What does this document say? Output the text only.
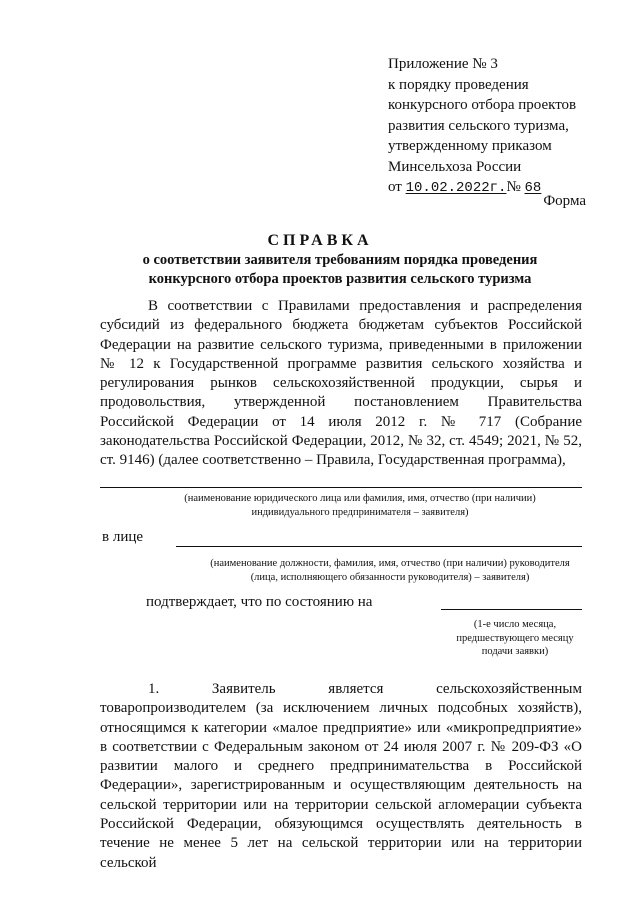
Приложение № 3
к порядку проведения
конкурсного отбора проектов
развития сельского туризма,
утвержденному приказом
Минсельхоза России
от 10.02.2022г.№ 68
Форма
СПРАВКА
о соответствии заявителя требованиям порядка проведения конкурсного отбора проектов развития сельского туризма
В соответствии с Правилами предоставления и распределения субсидий из федерального бюджета бюджетам субъектов Российской Федерации на развитие сельского туризма, приведенными в приложении № 12 к Государственной программе развития сельского хозяйства и регулирования рынков сельскохозяйственной продукции, сырья и продовольствия, утвержденной постановлением Правительства Российской Федерации от 14 июля 2012 г. № 717 (Собрание законодательства Российской Федерации, 2012, № 32, ст. 4549; 2021, № 52, ст. 9146) (далее соответственно – Правила, Государственная программа),
(наименование юридического лица или фамилия, имя, отчество (при наличии) индивидуального предпринимателя – заявителя)
в лице
(наименование должности, фамилия, имя, отчество (при наличии) руководителя (лица, исполняющего обязанности руководителя) – заявителя)
подтверждает, что по состоянию на
(1-е число месяца, предшествующего месяцу подачи заявки)
1. Заявитель является сельскохозяйственным товаропроизводителем (за исключением личных подсобных хозяйств), относящимся к категории «малое предприятие» или «микропредприятие» в соответствии с Федеральным законом от 24 июля 2007 г. № 209-ФЗ «О развитии малого и среднего предпринимательства в Российской Федерации», зарегистрированным и осуществляющим деятельность на сельской территории или на территории сельской агломерации субъекта Российской Федерации, обязующимся осуществлять деятельность в течение не менее 5 лет на сельской территории или на территории сельской
